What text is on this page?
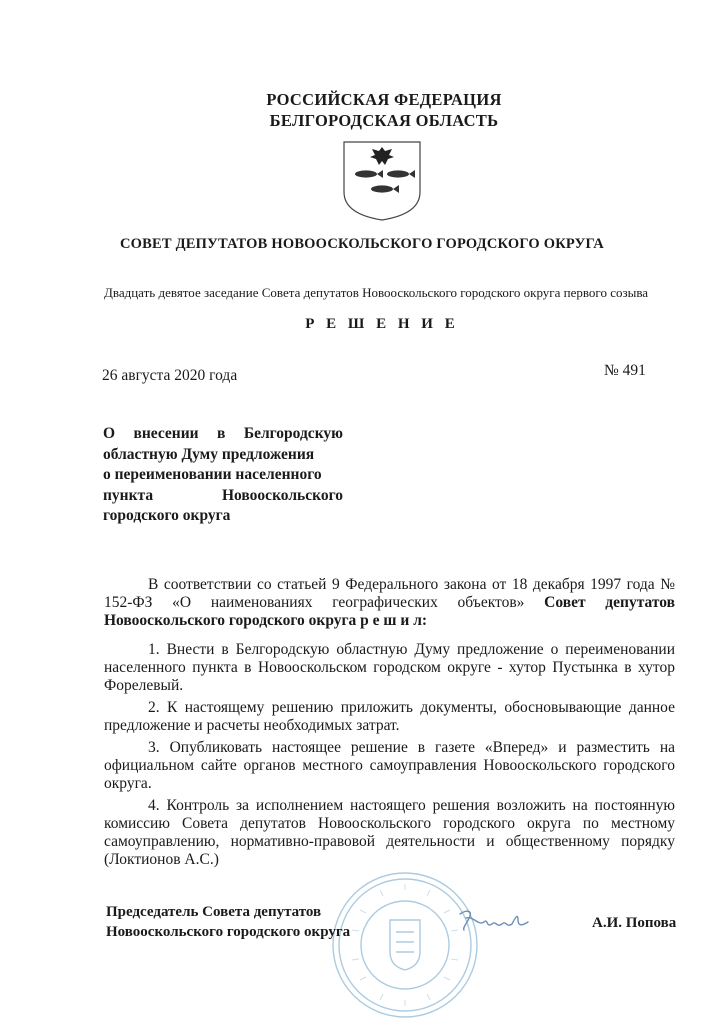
РОССИЙСКАЯ ФЕДЕРАЦИЯ
БЕЛГОРОДСКАЯ ОБЛАСТЬ
СОВЕТ ДЕПУТАТОВ НОВООСКОЛЬСКОГО ГОРОДСКОГО ОКРУГА
Двадцать девятое заседание Совета депутатов Новооскольского городского округа первого созыва
Р Е Ш Е Н И Е
26 августа 2020 года	№ 491
О внесении в Белгородскую
областную Думу предложения
о переименовании населенного
пункта Новооскольского
городского округа

В соответствии со статьей 9 Федерального закона от 18 декабря 1997 года № 152-ФЗ «О наименованиях географических объектов» Совет депутатов Новооскольского городского округа р е ш и л:

1. Внести в Белгородскую областную Думу предложение о переименовании населенного пункта в Новооскольском городском округе - хутор Пустынка в хутор Форелевый.

2. К настоящему решению приложить документы, обосновывающие данное предложение и расчеты необходимых затрат.

3. Опубликовать настоящее решение в газете «Вперед» и разместить на официальном сайте органов местного самоуправления Новооскольского городского округа.

4. Контроль за исполнением настоящего решения возложить на постоянную комиссию Совета депутатов Новооскольского городского округа по местному самоуправлению, нормативно-правовой деятельности и общественному порядку (Локтионов А.С.)

Председатель Совета депутатов
Новооскольского городского округа
А.И. Попова
